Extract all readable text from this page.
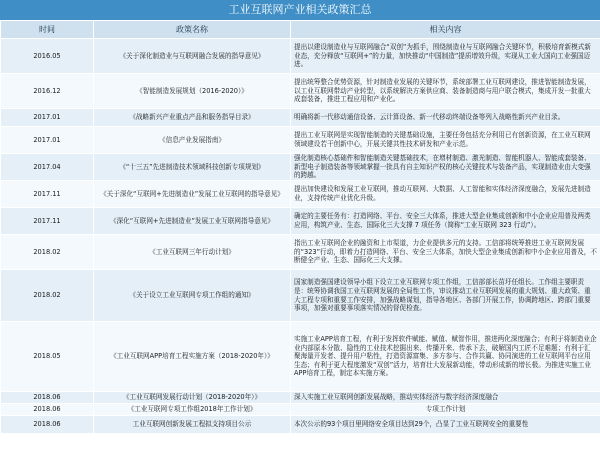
工业互联网产业相关政策汇总
时间	政策名称	相关内容
2016.05	《关于深化制造业与互联网融合发展的指导意见》	提出以建设制造业与互联网融合“双创”为抓手，围绕制造业与互联网融合关键环节，积极培育新模式新业态，充分释放“互联网+”的力量，加快推动“中国制造”提质增效升级，实现从工业大国向工业强国迈进。
2016.12	《智能制造发展规划（2016-2020）》	提出统筹整合优势资源，针对制造业发展的关键环节，系统部署工业互联网建设，推进智能制造发展，以工业互联网带动产业转型，以系统解决方案供应商、装备制造商与用户联合模式，集成开发一批重大成套装备，推进工程应用和产业化。
2017.01	《战略新兴产业重点产品和服务指导目录》	明确将新一代移动通信设备、云计算设备、新一代移动终端设备等列入战略性新兴产业目录。
2017.01	《信息产业发展指南》	提出工业互联网是实现智能制造的关键基础设施，主要任务包括充分利用已有创新资源，在工业互联网领域建设若干创新中心，开展关键共性技术研发和产业示范。
2017.04	《“十三五”先进制造技术领域科技创新专项规划》	强化制造核心基础件和智能制造关键基础技术，在增材制造、激光制造、智能机器人、智能成套装备、新型电子制造装备等领域掌握一批具有自主知识产权的核心关键技术与装备产品，实现制造业由大变强的跨越。
2017.11	《关于深化“互联网+先进制造业”发展工业互联网的指导意见》	提出加快建设和发展工业互联网，推动互联网、大数据、人工智能和实体经济深度融合，发展先进制造业，支持传统产业优化升级。
2017.11	《深化“互联网+先进制造业”发展工业互联网指导意见》	确定的主要任务有：打造网络、平台、安全三大体系，推进大型企业集成创新和中小企业应用普及两类应用，构筑产业、生态、国际化三大支撑 7 项任务（简称“工业互联网 323 行动”）。
2018.02	《工业互联网三年行动计划》	指出工业互联网企业的融资和上市渠道，力企业提供多元的支持。工信部将统筹推进工业互联网发展的“323”行动，即着力打造网络、平台、安全三大体系，加快大型企业集成创新和中小企业应用普及，不断健全产业、生态、国际化三大支撑。
2018.02	《关于设立工业互联网专项工作组的通知》	国家制造强国建设领导小组下设立工业互联网专项工作组，工信部部长苗圩任组长。工作组主要职责是：统筹协调我国工业互联网发展的全局性工作，审议推动工业互联网发展的重大规划、重大政策、重大工程专项和重要工作安排，加强战略谋划，指导各地区、各部门开展工作，协调跨地区、跨部门重要事项，加强对重要事项落实情况的督促检查。
2018.05	《工业互联网APP培育工程实施方案（2018-2020年）》	实施工业APP培育工程，有利于发挥软件赋能、赋值、赋智作用，推进两化深度融合；有利于将制造业企业内部原本分散、隐性的工业技术挖掘出来、传播开来、传承下去，破解国内工匠不足难题；有利于汇聚海量开发者、提升用户粘性，打造资源富集、多方参与、合作共赢、协同演进的工业互联网平台应用生态；有利于更大程度激发“双创”活力，培育壮大发展新动能，带动形成新的增长极。为推进实施工业APP培育工程，制定本实施方案。
2018.06	《工业互联网发展行动计划（2018-2020年）》	深入实施工业互联网创新发展战略，推动实体经济与数字经济深度融合
2018.06	《工业互联网专项工作组2018年工作计划》	专项工作计划
2018.06	工业互联网创新发展工程拟支持项目公示	本次公示的93个项目里网络安全项目达到29个，凸显了工业互联网安全的重要性
